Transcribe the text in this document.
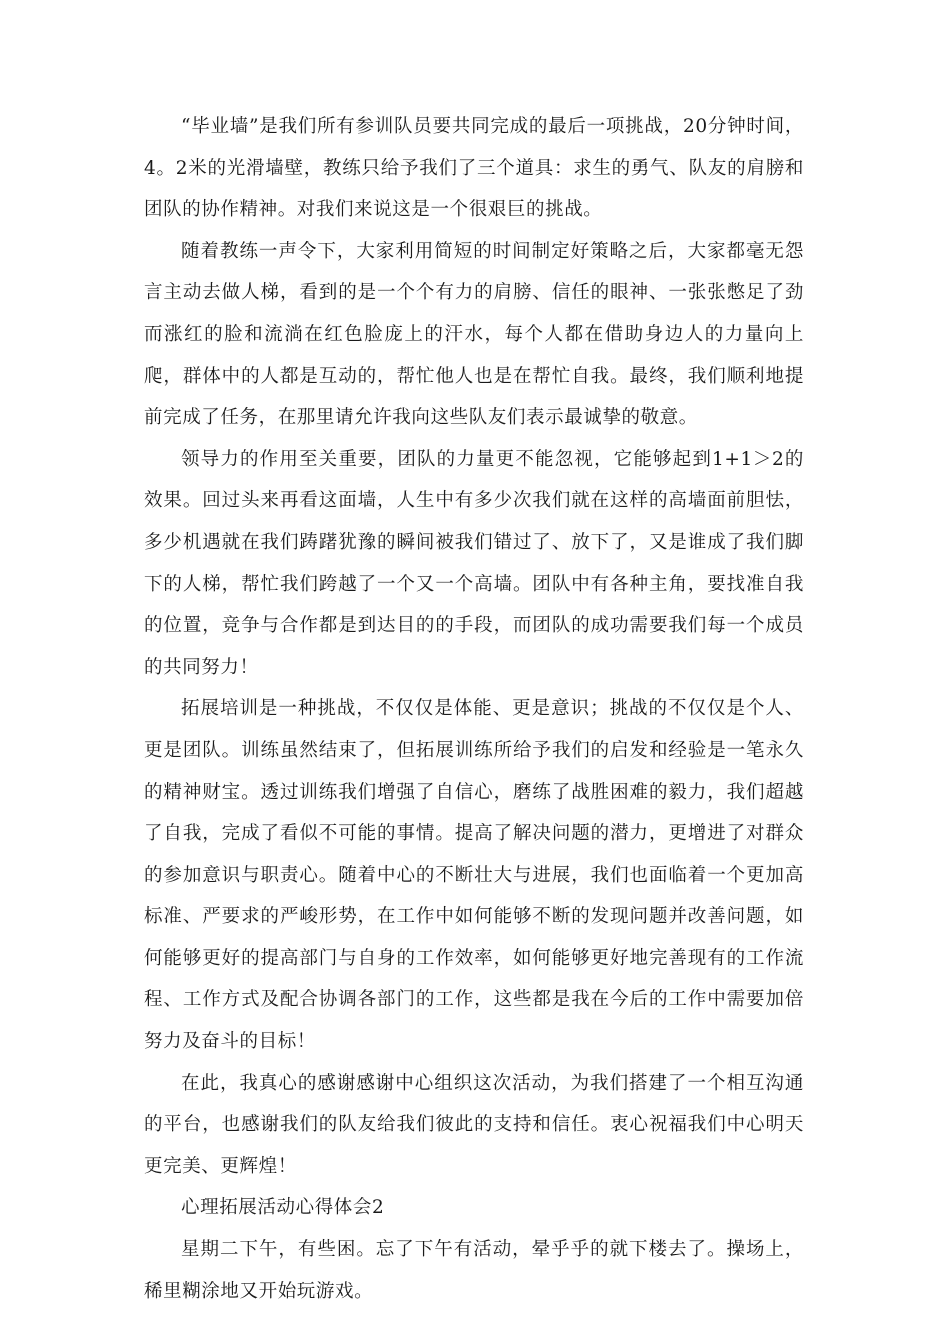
“毕业墙”是我们所有参训队员要共同完成的最后一项挑战，20分钟时间，4。2米的光滑墙壁，教练只给予我们了三个道具：求生的勇气、队友的肩膀和团队的协作精神。对我们来说这是一个很艰巨的挑战。

随着教练一声令下，大家利用简短的时间制定好策略之后，大家都毫无怨言主动去做人梯，看到的是一个个有力的肩膀、信任的眼神、一张张憋足了劲而涨红的脸和流淌在红色脸庞上的汗水，每个人都在借助身边人的力量向上爬，群体中的人都是互动的，帮忙他人也是在帮忙自我。最终，我们顺利地提前完成了任务，在那里请允许我向这些队友们表示最诚挚的敬意。

领导力的作用至关重要，团队的力量更不能忽视，它能够起到1+1＞2的效果。回过头来再看这面墙，人生中有多少次我们就在这样的高墙面前胆怯，多少机遇就在我们踌躇犹豫的瞬间被我们错过了、放下了，又是谁成了我们脚下的人梯，帮忙我们跨越了一个又一个高墙。团队中有各种主角，要找准自我的位置，竞争与合作都是到达目的的手段，而团队的成功需要我们每一个成员的共同努力！

拓展培训是一种挑战，不仅仅是体能、更是意识；挑战的不仅仅是个人、更是团队。训练虽然结束了，但拓展训练所给予我们的启发和经验是一笔永久的精神财宝。透过训练我们增强了自信心，磨练了战胜困难的毅力，我们超越了自我，完成了看似不可能的事情。提高了解决问题的潜力，更增进了对群众的参加意识与职责心。随着中心的不断壮大与进展，我们也面临着一个更加高标准、严要求的严峻形势，在工作中如何能够不断的发现问题并改善问题，如何能够更好的提高部门与自身的工作效率，如何能够更好地完善现有的工作流程、工作方式及配合协调各部门的工作，这些都是我在今后的工作中需要加倍努力及奋斗的目标！

在此，我真心的感谢感谢中心组织这次活动，为我们搭建了一个相互沟通的平台，也感谢我们的队友给我们彼此的支持和信任。衷心祝福我们中心明天更完美、更辉煌！

心理拓展活动心得体会2

星期二下午，有些困。忘了下午有活动，晕乎乎的就下楼去了。操场上，稀里糊涂地又开始玩游戏。
